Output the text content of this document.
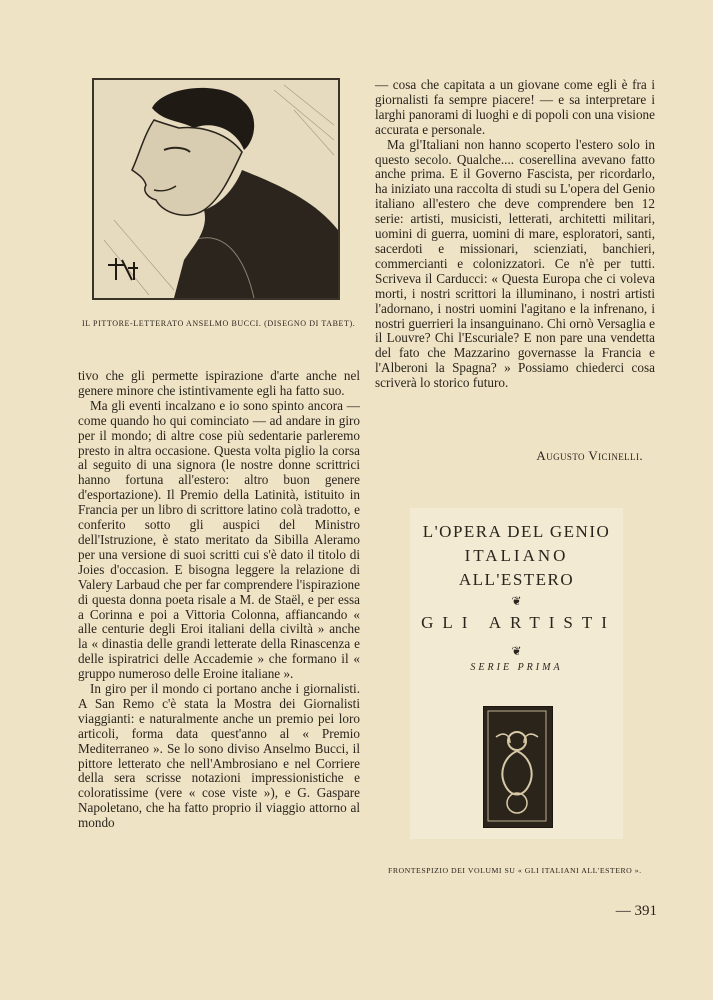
IL PITTORE-LETTERATO ANSELMO BUCCI. (DISEGNO DI TABET).

tivo che gli permette ispirazione d'arte anche nel genere minore che istintivamente egli ha fatto suo.

Ma gli eventi incalzano e io sono spinto ancora — come quando ho qui cominciato — ad andare in giro per il mondo; di altre cose più sedentarie parleremo presto in altra occasione. Questa volta piglio la corsa al seguito di una signora (le nostre donne scrittrici hanno fortuna all'estero: altro buon genere d'esportazione). Il Premio della Latinità, istituito in Francia per un libro di scrittore latino colà tradotto, e conferito sotto gli auspici del Ministro dell'Istruzione, è stato meritato da Sibilla Aleramo per una versione di suoi scritti cui s'è dato il titolo di Joies d'occasion. E bisogna leggere la relazione di Valery Larbaud che per far comprendere l'ispirazione di questa donna poeta risale a M. de Staël, e per essa a Corinna e poi a Vittoria Colonna, affiancando « alle centurie degli Eroi italiani della civiltà » anche la « dinastia delle grandi letterate della Rinascenza e delle ispiratrici delle Accademie » che formano il « gruppo numeroso delle Eroine italiane ».

In giro per il mondo ci portano anche i giornalisti. A San Remo c'è stata la Mostra dei Giornalisti viaggianti: e naturalmente anche un premio pei loro articoli, forma data quest'anno al « Premio Mediterraneo ». Se lo sono diviso Anselmo Bucci, il pittore letterato che nell'Ambrosiano e nel Corriere della sera scrisse notazioni impressionistiche e coloratissime (vere « cose viste »), e G. Gaspare Napoletano, che ha fatto proprio il viaggio attorno al mondo

— cosa che capitata a un giovane come egli è fra i giornalisti fa sempre piacere! — e sa interpretare i larghi panorami di luoghi e di popoli con una visione accurata e personale.

Ma gl'Italiani non hanno scoperto l'estero solo in questo secolo. Qualche.... coserellina avevano fatto anche prima. E il Governo Fascista, per ricordarlo, ha iniziato una raccolta di studi su L'opera del Genio italiano all'estero che deve comprendere ben 12 serie: artisti, musicisti, letterati, architetti militari, uomini di guerra, uomini di mare, esploratori, santi, sacerdoti e missionari, scienziati, banchieri, commercianti e colonizzatori. Ce n'è per tutti. Scriveva il Carducci: « Questa Europa che ci voleva morti, i nostri scrittori la illuminano, i nostri artisti l'adornano, i nostri uomini l'agitano e la infrenano, i nostri guerrieri la insanguinano. Chi ornò Versaglia e il Louvre? Chi l'Escuriale? E non pare una vendetta del fato che Mazzarino governasse la Francia e l'Alberoni la Spagna? » Possiamo chiederci cosa scriverà lo storico futuro.

Augusto Vicinelli.
L'OPERA DEL GENIO
ITALIANO
ALL'ESTERO
❦
GLI ARTISTI
❦
SERIE PRIMA
FRONTESPIZIO DEI VOLUMI SU « GLI ITALIANI ALL'ESTERO ».
— 391
